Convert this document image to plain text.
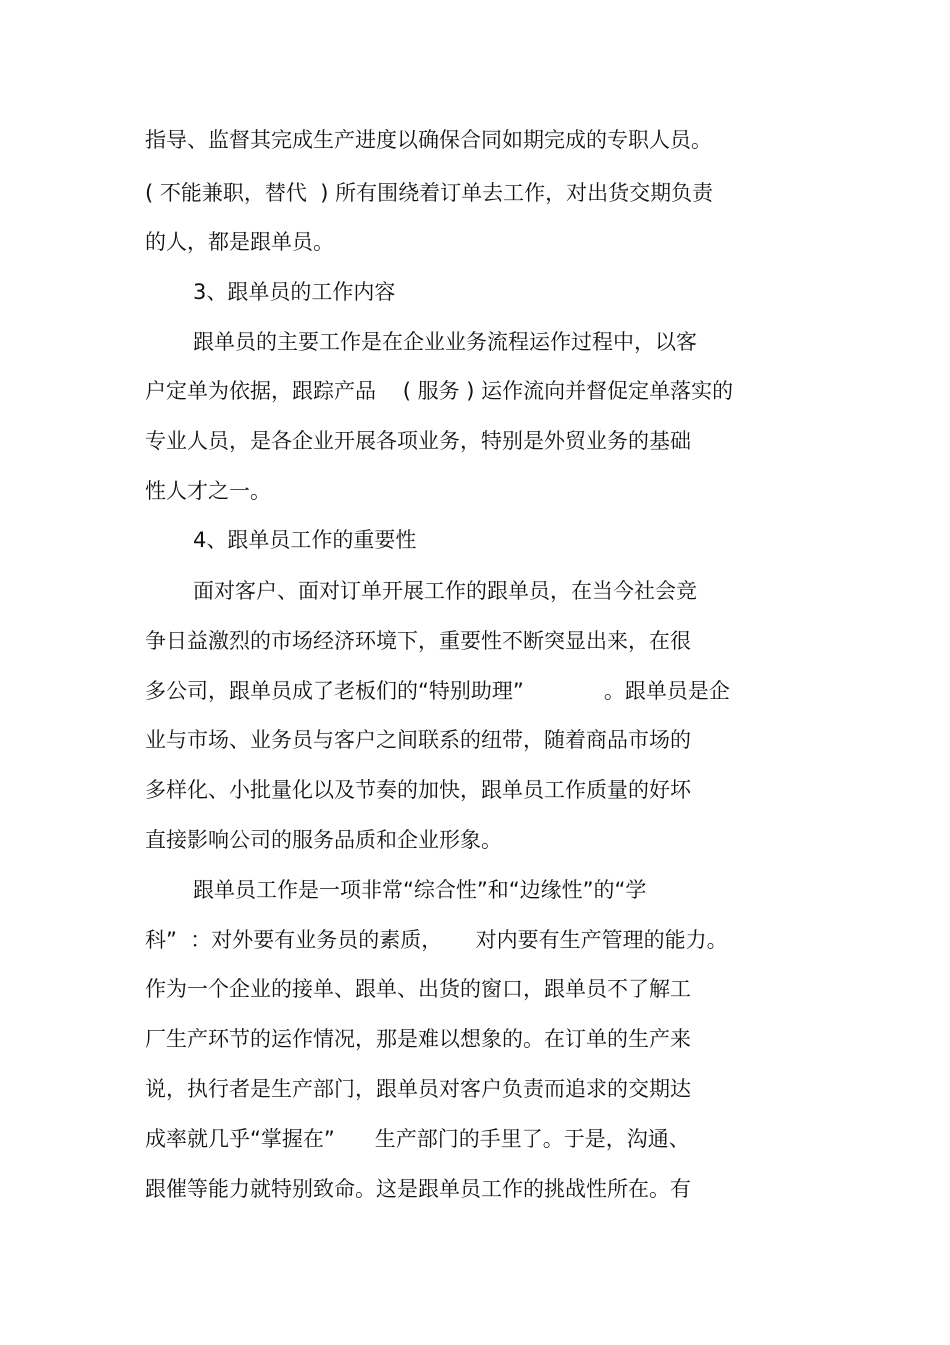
指导、监督其完成生产进度以确保合同如期完成的专职人员。
( 不能兼职，替代  ) 所有围绕着订单去工作，对出货交期负责
的人，都是跟单员。
3、跟单员的工作内容
跟单员的主要工作是在企业业务流程运作过程中，以客
户定单为依据，跟踪产品    ( 服务 ) 运作流向并督促定单落实的
专业人员，是各企业开展各项业务，特别是外贸业务的基础
性人才之一。
4、跟单员工作的重要性
面对客户、面对订单开展工作的跟单员，在当今社会竞
争日益激烈的市场经济环境下，重要性不断突显出来，在很
多公司，跟单员成了老板们的“特别助理”            。跟单员是企
业与市场、业务员与客户之间联系的纽带，随着商品市场的
多样化、小批量化以及节奏的加快，跟单员工作质量的好坏
直接影响公司的服务品质和企业形象。
跟单员工作是一项非常“综合性”和“边缘性”的“学
科”  ：对外要有业务员的素质，     对内要有生产管理的能力。
作为一个企业的接单、跟单、出货的窗口，跟单员不了解工
厂生产环节的运作情况，那是难以想象的。在订单的生产来
说，执行者是生产部门，跟单员对客户负责而追求的交期达
成率就几乎“掌握在”      生产部门的手里了。于是，沟通、
跟催等能力就特别致命。这是跟单员工作的挑战性所在。有
